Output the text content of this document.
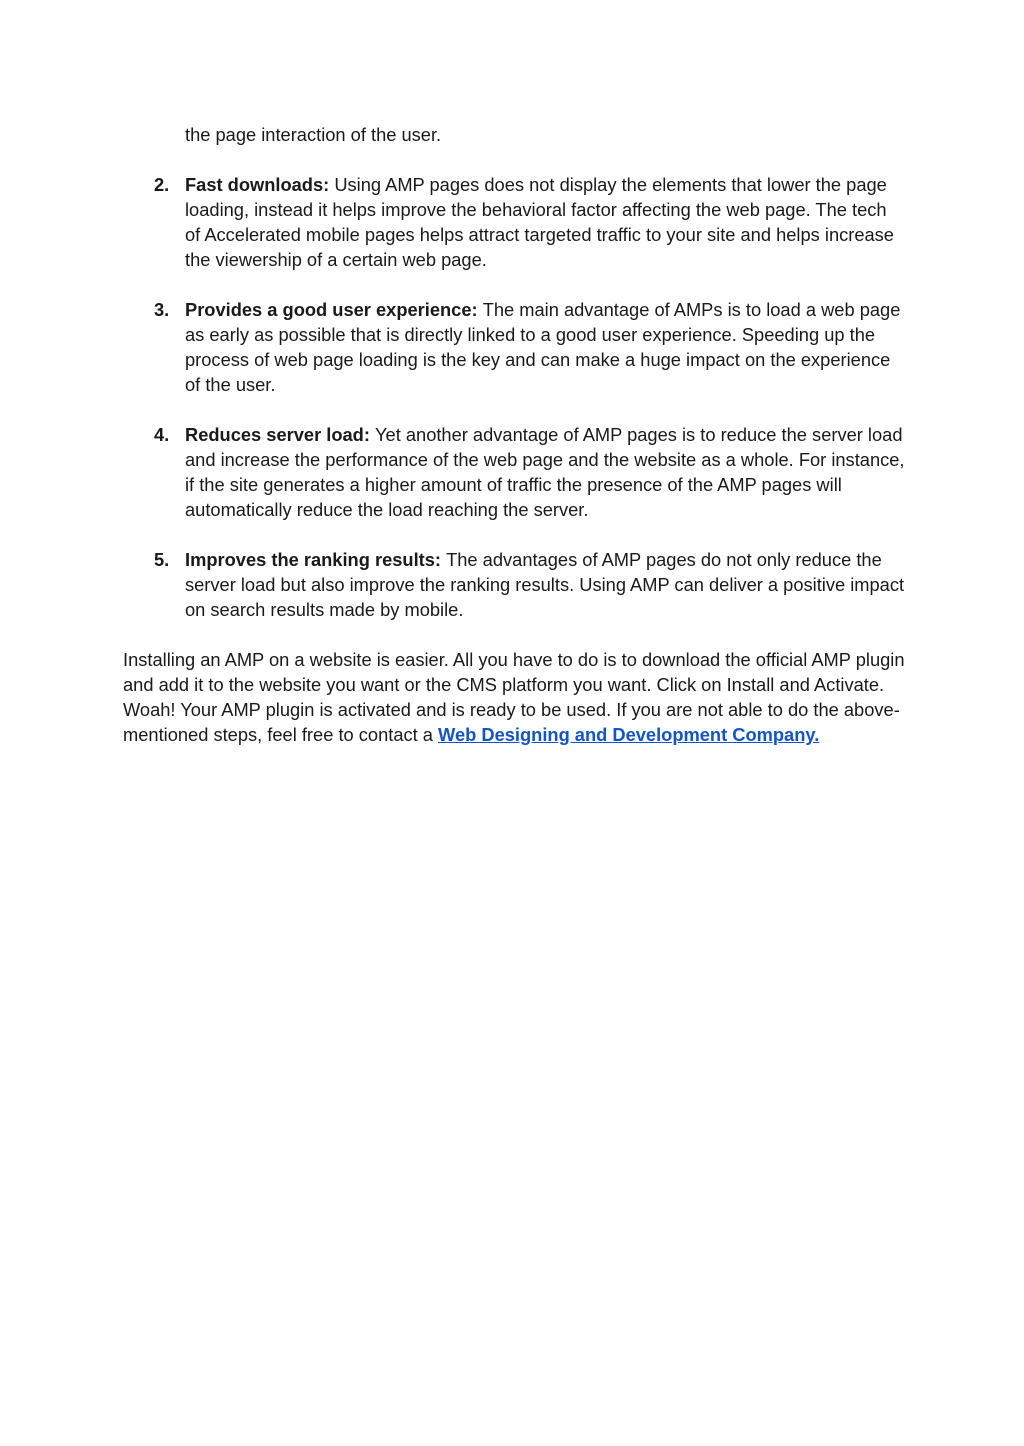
the page interaction of the user.

2. Fast downloads: Using AMP pages does not display the elements that lower the page loading, instead it helps improve the behavioral factor affecting the web page. The tech of Accelerated mobile pages helps attract targeted traffic to your site and helps increase the viewership of a certain web page.
3. Provides a good user experience: The main advantage of AMPs is to load a web page as early as possible that is directly linked to a good user experience. Speeding up the process of web page loading is the key and can make a huge impact on the experience of the user.
4. Reduces server load: Yet another advantage of AMP pages is to reduce the server load and increase the performance of the web page and the website as a whole. For instance, if the site generates a higher amount of traffic the presence of the AMP pages will automatically reduce the load reaching the server.
5. Improves the ranking results: The advantages of AMP pages do not only reduce the server load but also improve the ranking results. Using AMP can deliver a positive impact on search results made by mobile.

Installing an AMP on a website is easier. All you have to do is to download the official AMP plugin and add it to the website you want or the CMS platform you want. Click on Install and Activate. Woah! Your AMP plugin is activated and is ready to be used. If you are not able to do the above-mentioned steps, feel free to contact a Web Designing and Development Company.
